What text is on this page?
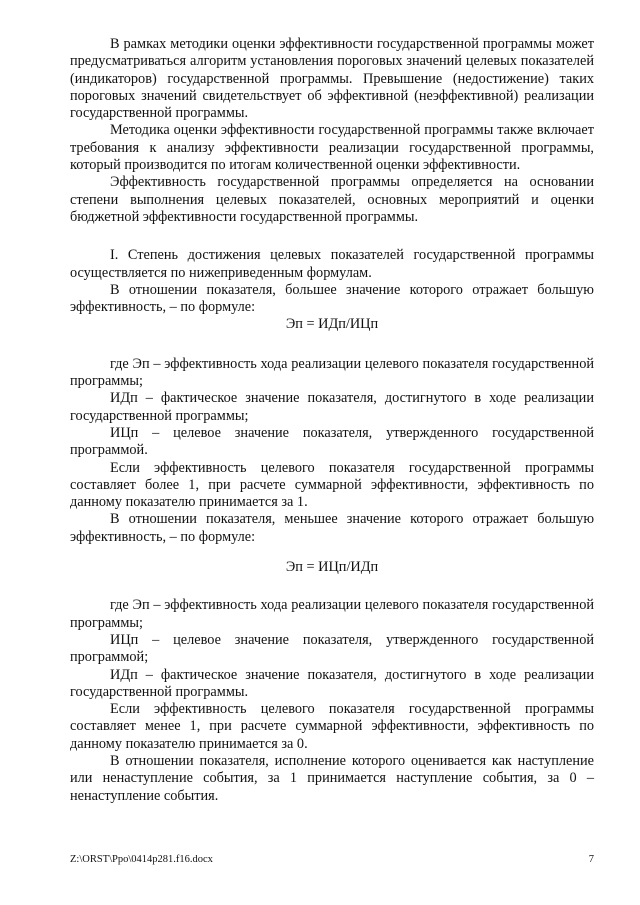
В рамках методики оценки эффективности государственной программы может предусматриваться алгоритм установления пороговых значений целевых показателей (индикаторов) государственной программы. Превышение (недостижение) таких пороговых значений свидетельствует об эффективной (неэффективной) реализации государственной программы.

Методика оценки эффективности государственной программы также включает требования к анализу эффективности реализации государственной программы, который производится по итогам количественной оценки эффективности.

Эффективность государственной программы определяется на основании степени выполнения целевых показателей, основных мероприятий и оценки бюджетной эффективности государственной программы.

I. Степень достижения целевых показателей государственной программы осуществляется по нижеприведенным формулам.

В отношении показателя, большее значение которого отражает большую эффективность, – по формуле:

Эп = ИДп/ИЦп

где Эп – эффективность хода реализации целевого показателя государственной программы;

ИДп – фактическое значение показателя, достигнутого в ходе реализации государственной программы;

ИЦп – целевое значение показателя, утвержденного государственной программой.

Если эффективность целевого показателя государственной программы составляет более 1, при расчете суммарной эффективности, эффективность по данному показателю принимается за 1.

В отношении показателя, меньшее значение которого отражает большую эффективность, – по формуле:

Эп = ИЦп/ИДп

где Эп – эффективность хода реализации целевого показателя государственной программы;

ИЦп – целевое значение показателя, утвержденного государственной программой;

ИДп – фактическое значение показателя, достигнутого в ходе реализации государственной программы.

Если эффективность целевого показателя государственной программы составляет менее 1, при расчете суммарной эффективности, эффективность по данному показателю принимается за 0.

В отношении показателя, исполнение которого оценивается как наступление или ненаступление события, за 1 принимается наступление события, за 0 – ненаступление события.

Z:\ORST\Ppo\0414p281.f16.docx	7
